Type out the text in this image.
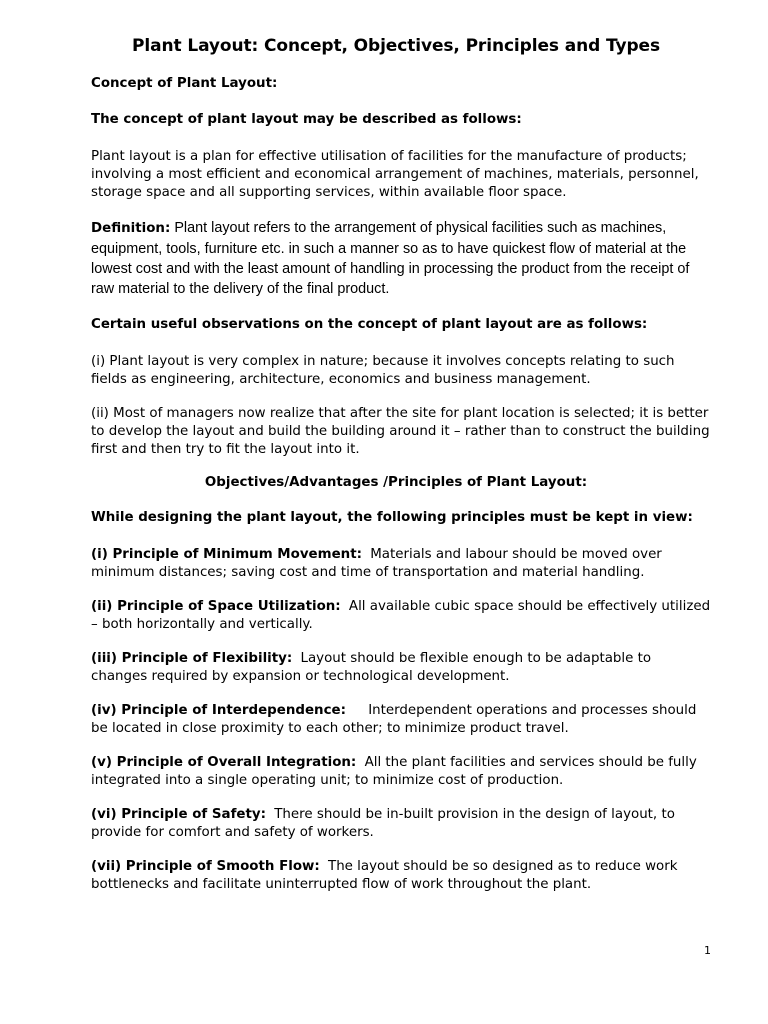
Plant Layout: Concept, Objectives, Principles and Types
Concept of Plant Layout:
The concept of plant layout may be described as follows:
Plant layout is a plan for effective utilisation of facilities for the manufacture of products; involving a most efficient and economical arrangement of machines, materials, personnel, storage space and all supporting services, within available floor space.
Definition: Plant layout refers to the arrangement of physical facilities such as machines, equipment, tools, furniture etc. in such a manner so as to have quickest flow of material at the lowest cost and with the least amount of handling in processing the product from the receipt of raw material to the delivery of the final product.
Certain useful observations on the concept of plant layout are as follows:
(i) Plant layout is very complex in nature; because it involves concepts relating to such fields as engineering, architecture, economics and business management.
(ii) Most of managers now realize that after the site for plant location is selected; it is better to develop the layout and build the building around it – rather than to construct the building first and then try to fit the layout into it.
Objectives/Advantages /Principles of Plant Layout:
While designing the plant layout, the following principles must be kept in view:
(i) Principle of Minimum Movement: Materials and labour should be moved over minimum distances; saving cost and time of transportation and material handling.
(ii) Principle of Space Utilization: All available cubic space should be effectively utilized – both horizontally and vertically.
(iii) Principle of Flexibility: Layout should be flexible enough to be adaptable to changes required by expansion or technological development.
(iv) Principle of Interdependence: Interdependent operations and processes should be located in close proximity to each other; to minimize product travel.
(v) Principle of Overall Integration: All the plant facilities and services should be fully integrated into a single operating unit; to minimize cost of production.
(vi) Principle of Safety: There should be in-built provision in the design of layout, to provide for comfort and safety of workers.
(vii) Principle of Smooth Flow: The layout should be so designed as to reduce work bottlenecks and facilitate uninterrupted flow of work throughout the plant.
1
